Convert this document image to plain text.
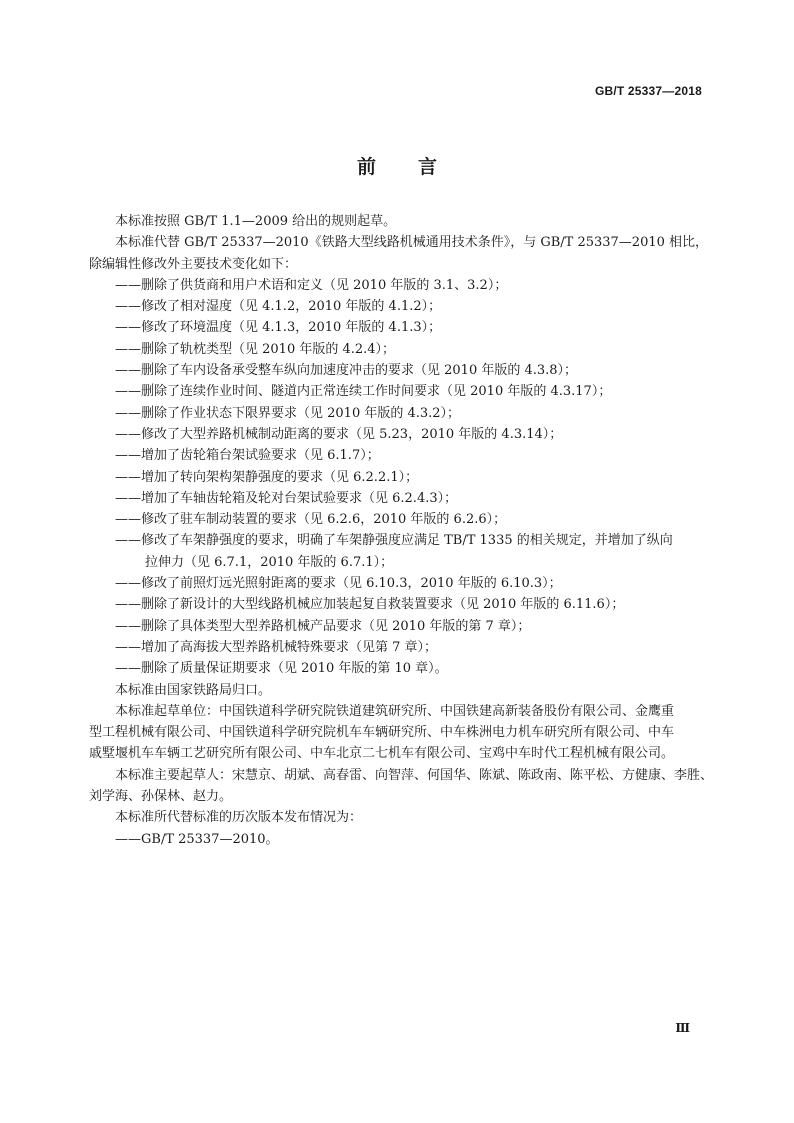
GB/T 25337—2018
前言

本标准按照 GB/T 1.1—2009 给出的规则起草。

本标准代替 GB/T 25337—2010《铁路大型线路机械通用技术条件》，与 GB/T 25337—2010 相比，

除编辑性修改外主要技术变化如下：

——删除了供货商和用户术语和定义（见 2010 年版的 3.1、3.2）；

——修改了相对湿度（见 4.1.2，2010 年版的 4.1.2）；

——修改了环境温度（见 4.1.3，2010 年版的 4.1.3）；

——删除了轨枕类型（见 2010 年版的 4.2.4）；

——删除了车内设备承受整车纵向加速度冲击的要求（见 2010 年版的 4.3.8）；

——删除了连续作业时间、隧道内正常连续工作时间要求（见 2010 年版的 4.3.17）；

——删除了作业状态下限界要求（见 2010 年版的 4.3.2）；

——修改了大型养路机械制动距离的要求（见 5.23，2010 年版的 4.3.14）；

——增加了齿轮箱台架试验要求（见 6.1.7）；

——增加了转向架构架静强度的要求（见 6.2.2.1）；

——增加了车轴齿轮箱及轮对台架试验要求（见 6.2.4.3）；

——修改了驻车制动装置的要求（见 6.2.6，2010 年版的 6.2.6）；

——修改了车架静强度的要求，明确了车架静强度应满足 TB/T 1335 的相关规定，并增加了纵向

拉伸力（见 6.7.1，2010 年版的 6.7.1）；

——修改了前照灯远光照射距离的要求（见 6.10.3，2010 年版的 6.10.3）；

——删除了新设计的大型线路机械应加装起复自救装置要求（见 2010 年版的 6.11.6）；

——删除了具体类型大型养路机械产品要求（见 2010 年版的第 7 章）；

——增加了高海拔大型养路机械特殊要求（见第 7 章）；

——删除了质量保证期要求（见 2010 年版的第 10 章）。

本标准由国家铁路局归口。

本标准起草单位：中国铁道科学研究院铁道建筑研究所、中国铁建高新装备股份有限公司、金鹰重

型工程机械有限公司、中国铁道科学研究院机车车辆研究所、中车株洲电力机车研究所有限公司、中车

戚墅堰机车车辆工艺研究所有限公司、中车北京二七机车有限公司、宝鸡中车时代工程机械有限公司。

本标准主要起草人：宋慧京、胡斌、高春雷、向智萍、何国华、陈斌、陈政南、陈平松、方健康、李胜、

刘学海、孙保林、赵力。

本标准所代替标准的历次版本发布情况为：

——GB/T 25337—2010。

Ⅲ
